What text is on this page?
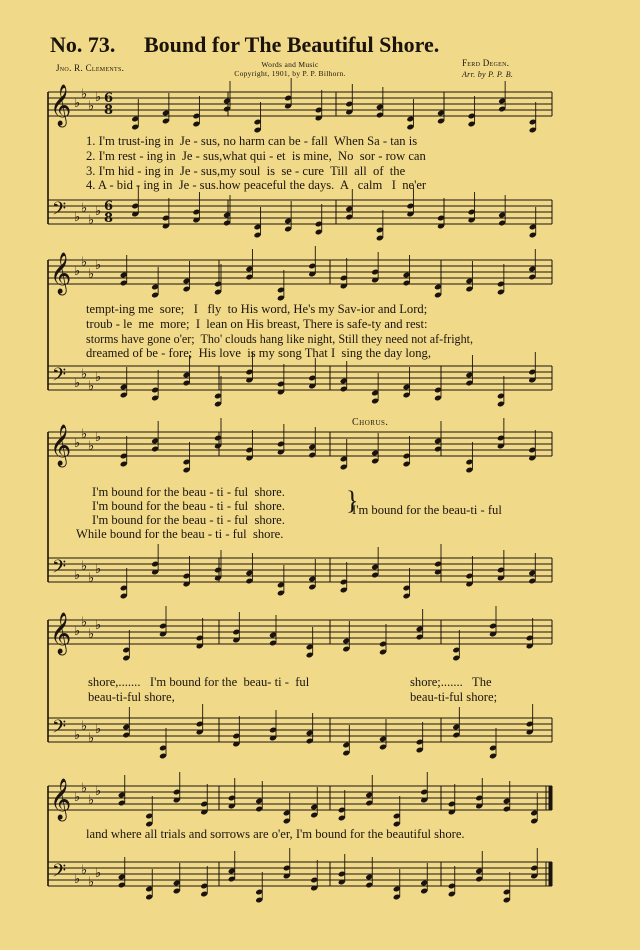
No. 73. Bound for The Beautiful Shore.
Jno. R. Clements.	Words and Music
Copyright, 1901, by P. P. Bilhorn.
Ferd Degen.
Arr. by P. P. B.
𝄞
𝄢
♭
♭
♭
♭
♭
♭
♭
♭
6
6
8
8
𝄞
𝄢
♭
♭
♭
♭
♭
♭
♭
♭
𝄞
𝄢
♭
♭
♭
♭
♭
♭
♭
♭
𝄞
𝄢
♭
♭
♭
♭
♭
♭
♭
♭
𝄞
𝄢
♭
♭
♭
♭
♭
♭
♭
♭
1. I'm trust-ing in  Je - sus, no harm can be - fall  When Sa - tan is
2. I'm rest - ing in  Je - sus,what qui - et  is mine,  No  sor - row can
3. I'm hid - ing in  Je - sus,my soul  is  se - cure  Till  all  of  the
4. A - bid - ing in  Je - sus.how peaceful the days.  A   calm   I  ne'er
tempt-ing me  sore;   I   fly  to His word, He's my Sav-ior and Lord;
troub - le  me  more;  I  lean on His breast, There is safe-ty and rest:
storms have gone o'er;  Tho' clouds hang like night, Still they need not af-fright,
dreamed of be - fore;  His love  is my song That I  sing the day long,
Chorus.
I'm bound for the beau - ti - ful  shore.
I'm bound for the beau - ti - ful  shore.
I'm bound for the beau - ti - ful  shore.
While bound for the beau - ti - ful  shore.
}
I'm bound for the beau-ti - ful
shore,.......   I'm bound for the  beau- ti -  ful	shore;.......   The
beau-ti-ful shore,	beau-ti-ful shore;
land where all trials and sorrows are o'er, I'm bound for the beautiful shore.
